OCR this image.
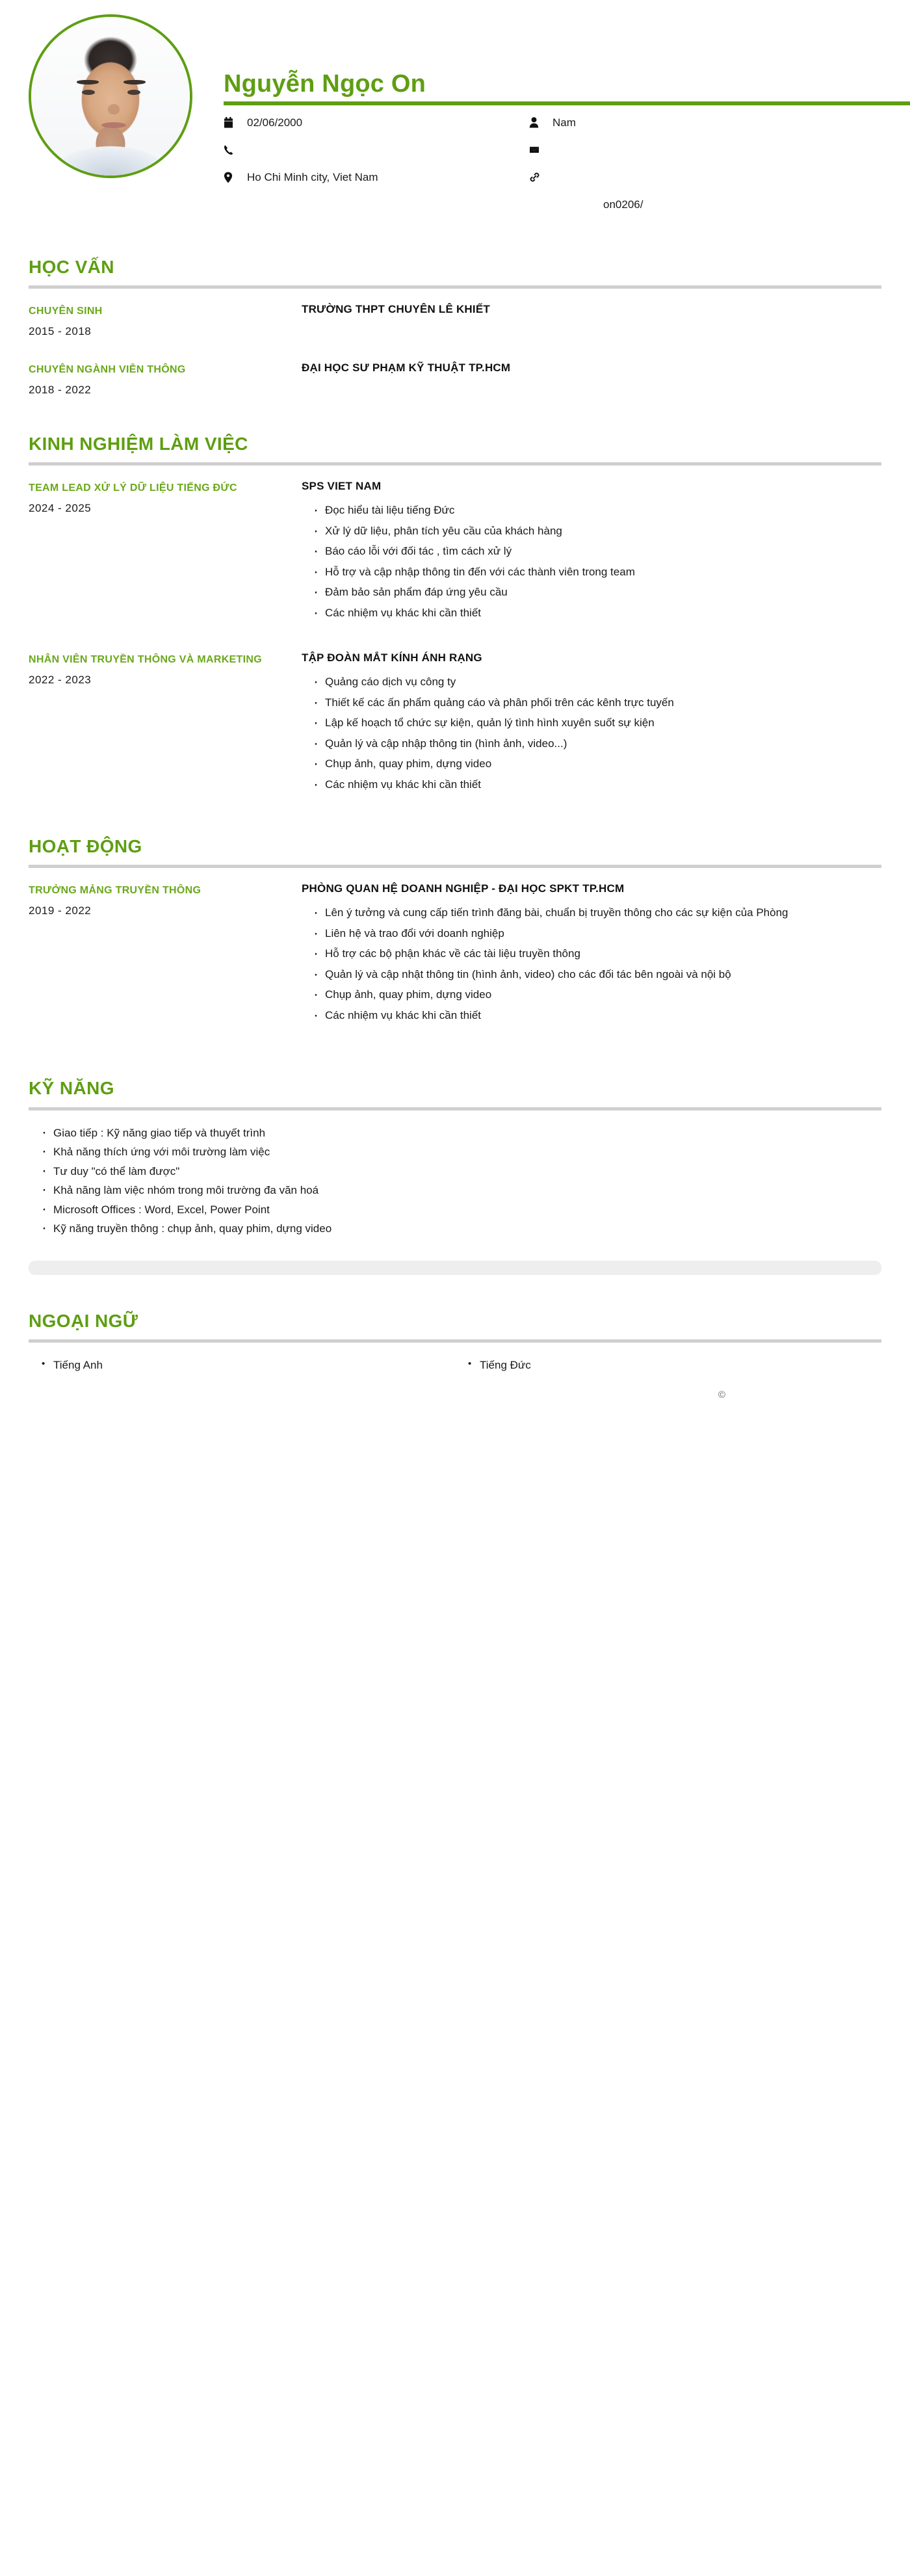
Nguyễn Ngọc On
02/06/2000	Nam
Ho Chi Minh city, Viet Nam
on0206/
HỌC VẤN
CHUYÊN SINH
2015 - 2018
TRƯỜNG THPT CHUYÊN LÊ KHIẾT
CHUYÊN NGÀNH VIỄN THÔNG
2018 - 2022
ĐẠI HỌC SƯ PHẠM KỸ THUẬT TP.HCM
KINH NGHIỆM LÀM VIỆC
TEAM LEAD XỬ LÝ DỮ LIỆU TIẾNG ĐỨC
2024 - 2025
SPS VIET NAM
· Đọc hiểu tài liệu tiếng Đức
· Xử lý dữ liệu, phân tích yêu cầu của khách hàng
· Báo cáo lỗi với đối tác , tìm cách xử lý
· Hỗ trợ và cập nhập thông tin đến với các thành viên trong team
· Đảm bảo sản phẩm đáp ứng yêu cầu
· Các nhiệm vụ khác khi cần thiết
NHÂN VIÊN TRUYỀN THÔNG VÀ MARKETING
2022 - 2023
TẬP ĐOÀN MẮT KÍNH ÁNH RẠNG
· Quảng cáo dịch vụ công ty
· Thiết kế các ấn phẩm quảng cáo và phân phối trên các kênh trực tuyến
· Lập kế hoạch tổ chức sự kiện, quản lý tình hình xuyên suốt sự kiện
· Quản lý và cập nhập thông tin (hình ảnh, video...)
· Chụp ảnh, quay phim, dựng video
· Các nhiệm vụ khác khi cần thiết
HOẠT ĐỘNG
TRƯỞNG MẢNG TRUYỀN THÔNG
2019 - 2022
PHÒNG QUAN HỆ DOANH NGHIỆP - ĐẠI HỌC SPKT TP.HCM
· Lên ý tưởng và cung cấp tiến trình đăng bài, chuẩn bị truyền thông cho các sự kiện của Phòng
· Liên hệ và trao đổi với doanh nghiệp
· Hỗ trợ các bộ phận khác về các tài liệu truyền thông
· Quản lý và cập nhật thông tin (hình ảnh, video) cho các đối tác bên ngoài và nội bộ
· Chụp ảnh, quay phim, dựng video
· Các nhiệm vụ khác khi cần thiết
KỸ NĂNG
· Giao tiếp : Kỹ năng giao tiếp và thuyết trình
· Khả năng thích ứng với môi trường làm việc
· Tư duy "có thể làm được"
· Khả năng làm việc nhóm trong môi trường đa văn hoá
· Microsoft Offices : Word, Excel, Power Point
· Kỹ năng truyền thông : chụp ảnh, quay phim, dựng video
NGOẠI NGỮ
• Tiếng Anh	• Tiếng Đức
©
